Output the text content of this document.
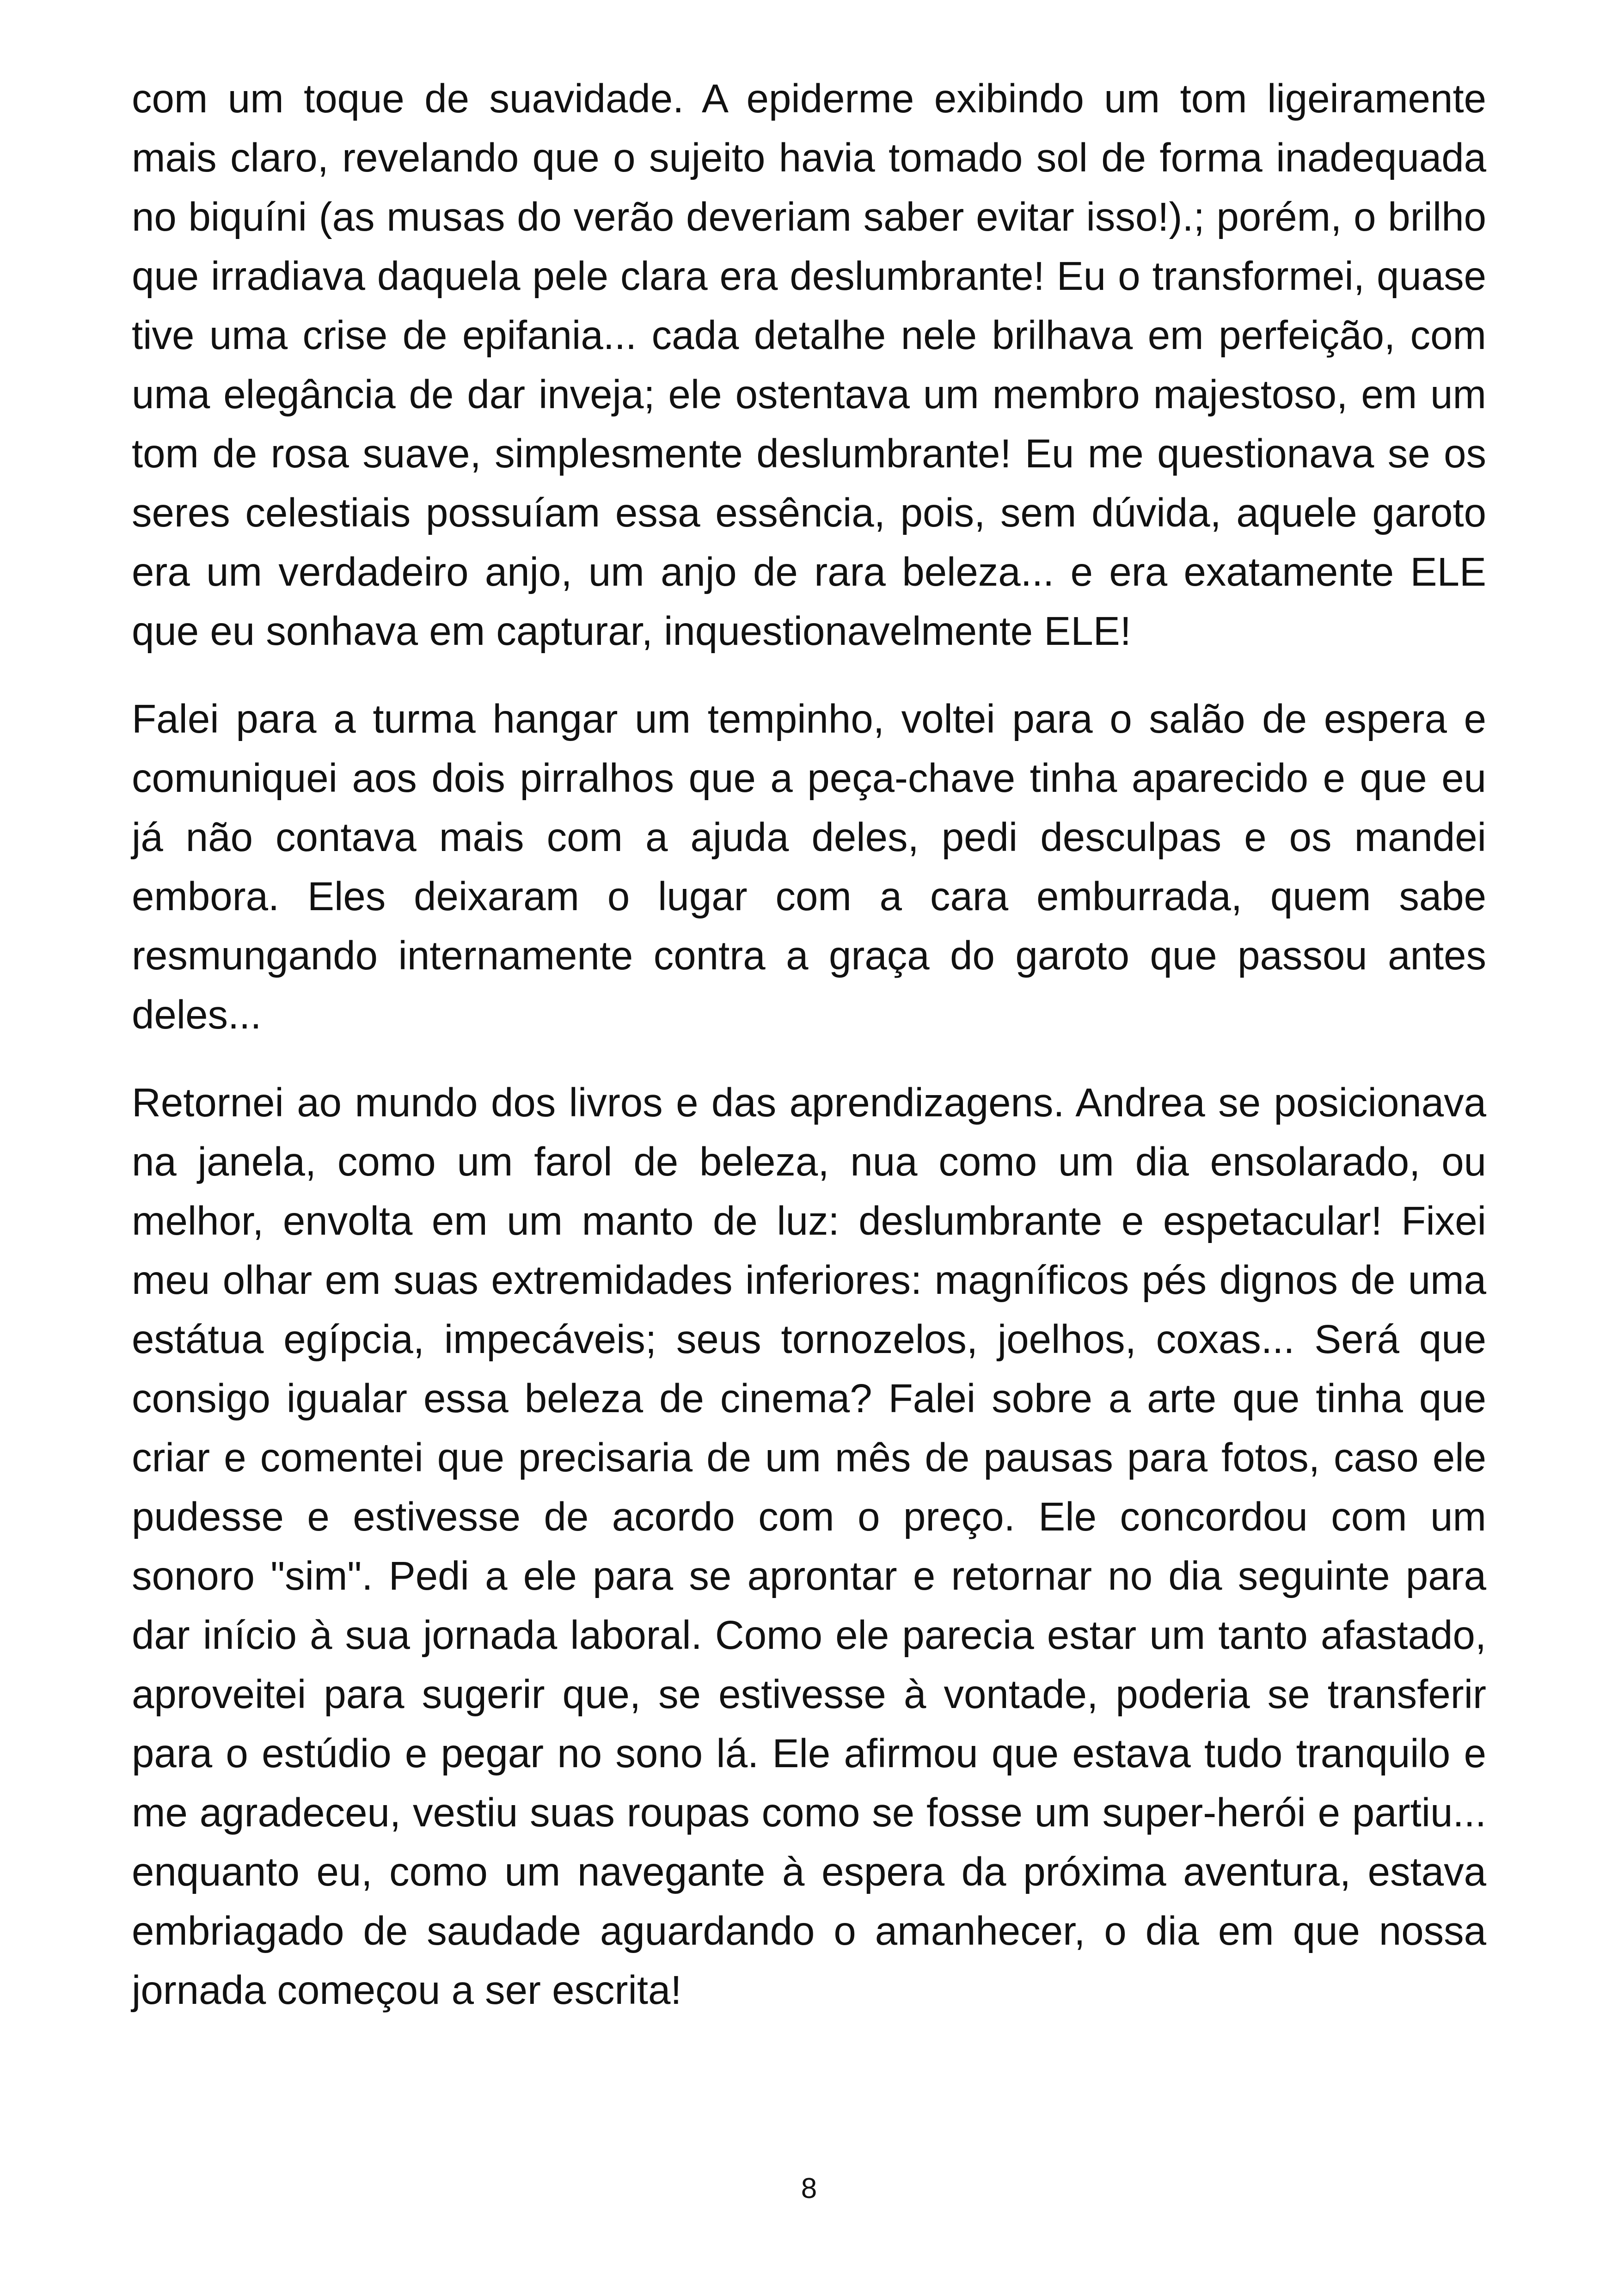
com um toque de suavidade. A epiderme exibindo um tom ligeiramente mais claro, revelando que o sujeito havia tomado sol de forma inadequada no biquíni (as musas do verão deveriam saber evitar isso!).; porém, o brilho que irradiava daquela pele clara era deslumbrante! Eu o transformei, quase tive uma crise de epifania... cada detalhe nele brilhava em perfeição, com uma elegância de dar inveja; ele ostentava um membro majestoso, em um tom de rosa suave, simplesmente deslumbrante! Eu me questionava se os seres celestiais possuíam essa essência, pois, sem dúvida, aquele garoto era um verdadeiro anjo, um anjo de rara beleza... e era exatamente ELE que eu sonhava em capturar, inquestionavelmente ELE!

Falei para a turma hangar um tempinho, voltei para o salão de espera e comuniquei aos dois pirralhos que a peça-chave tinha aparecido e que eu já não contava mais com a ajuda deles, pedi desculpas e os mandei embora. Eles deixaram o lugar com a cara emburrada, quem sabe resmungando internamente contra a graça do garoto que passou antes deles...

Retornei ao mundo dos livros e das aprendizagens. Andrea se posicionava na janela, como um farol de beleza, nua como um dia ensolarado, ou melhor, envolta em um manto de luz: deslumbrante e espetacular! Fixei meu olhar em suas extremidades inferiores: magníficos pés dignos de uma estátua egípcia, impecáveis; seus tornozelos, joelhos, coxas... Será que consigo igualar essa beleza de cinema? Falei sobre a arte que tinha que criar e comentei que precisaria de um mês de pausas para fotos, caso ele pudesse e estivesse de acordo com o preço. Ele concordou com um sonoro "sim". Pedi a ele para se aprontar e retornar no dia seguinte para dar início à sua jornada laboral. Como ele parecia estar um tanto afastado, aproveitei para sugerir que, se estivesse à vontade, poderia se transferir para o estúdio e pegar no sono lá. Ele afirmou que estava tudo tranquilo e me agradeceu, vestiu suas roupas como se fosse um super-herói e partiu... enquanto eu, como um navegante à espera da próxima aventura, estava embriagado de saudade aguardando o amanhecer, o dia em que nossa jornada começou a ser escrita!

8
